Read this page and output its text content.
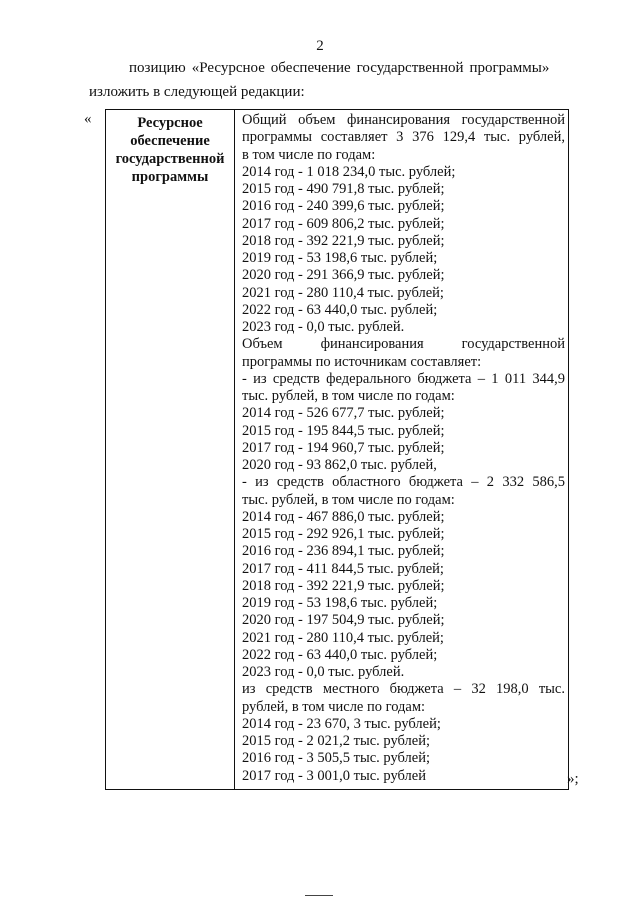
2
позицию «Ресурсное обеспечение государственной программы»
изложить в следующей редакции:
«	Ресурсное
обеспечение
государственной
программы
Общий объем финансирования государственной
программы составляет 3 376 129,4 тыс. рублей,
в том числе по годам:
2014 год - 1 018 234,0 тыс. рублей;
2015 год - 490 791,8 тыс. рублей;
2016 год - 240 399,6 тыс. рублей;
2017 год - 609 806,2 тыс. рублей;
2018 год - 392 221,9 тыс. рублей;
2019 год - 53 198,6 тыс. рублей;
2020 год - 291 366,9 тыс. рублей;
2021 год - 280 110,4 тыс. рублей;
2022 год - 63 440,0 тыс. рублей;
2023 год - 0,0 тыс. рублей.
Объем финансирования государственной
программы по источникам составляет:
- из средств федерального бюджета – 1 011 344,9
тыс. рублей, в том числе по годам:
2014 год - 526 677,7 тыс. рублей;
2015 год - 195 844,5 тыс. рублей;
2017 год - 194 960,7 тыс. рублей;
2020 год - 93 862,0 тыс. рублей,
- из средств областного бюджета – 2 332 586,5
тыс. рублей, в том числе по годам:
2014 год - 467 886,0 тыс. рублей;
2015 год - 292 926,1 тыс. рублей;
2016 год - 236 894,1 тыс. рублей;
2017 год - 411 844,5 тыс. рублей;
2018 год - 392 221,9 тыс. рублей;
2019 год - 53 198,6 тыс. рублей;
2020 год - 197 504,9 тыс. рублей;
2021 год - 280 110,4 тыс. рублей;
2022 год - 63 440,0 тыс. рублей;
2023 год - 0,0 тыс. рублей.
из средств местного бюджета – 32 198,0 тыс.
рублей, в том числе по годам:
2014 год - 23 670, 3 тыс. рублей;
2015 год - 2 021,2 тыс. рублей;
2016 год - 3 505,5 тыс. рублей;
2017 год - 3 001,0 тыс. рублей	»;
